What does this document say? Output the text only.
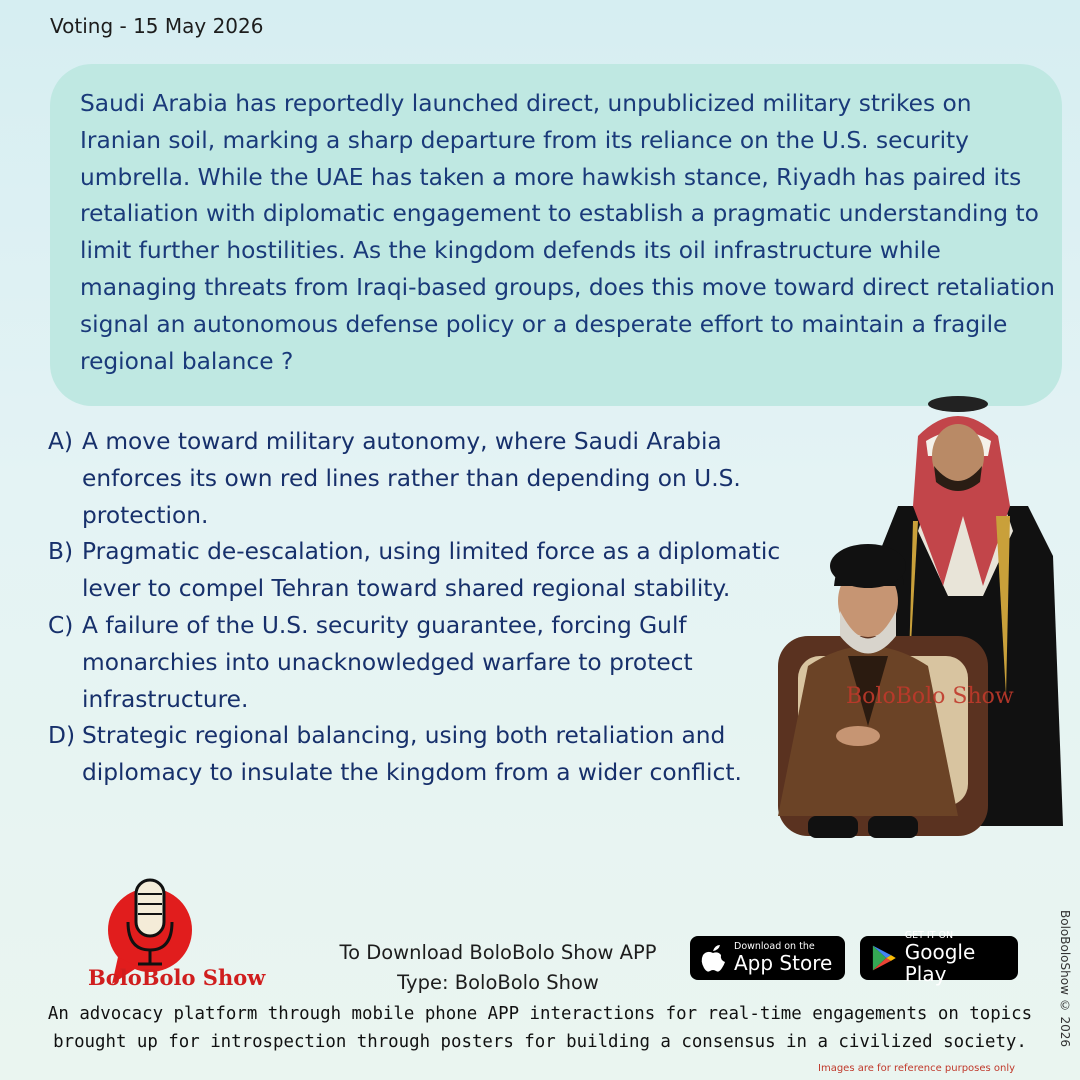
Voting - 15 May 2026
Saudi Arabia has reportedly launched direct, unpublicized military strikes on Iranian soil, marking a sharp departure from its reliance on the U.S. security umbrella. While the UAE has taken a more hawkish stance, Riyadh has paired its retaliation with diplomatic engagement to establish a pragmatic understanding to limit further hostilities. As the kingdom defends its oil infrastructure while managing threats from Iraqi-based groups, does this move toward direct retaliation signal an autonomous defense policy or a desperate effort to maintain a fragile regional balance ?
A) A move toward military autonomy, where Saudi Arabia enforces its own red lines rather than depending on U.S. protection.
B) Pragmatic de-escalation, using limited force as a diplomatic lever to compel Tehran toward shared regional stability.
C) A failure of the U.S. security guarantee, forcing Gulf monarchies into unacknowledged warfare to protect infrastructure.
D) Strategic regional balancing, using both retaliation and diplomacy to insulate the kingdom from a wider conflict.
BoloBolo Show
BoloBolo Show
To Download BoloBolo Show APP
Type: BoloBolo Show
Download on the
App Store
GET IT ON
Google Play
An advocacy platform through mobile phone APP interactions for real-time engagements on topics
brought up for introspection through posters for building a consensus in a civilized society.
Images are for reference purposes only
BoloBoloShow © 2026
